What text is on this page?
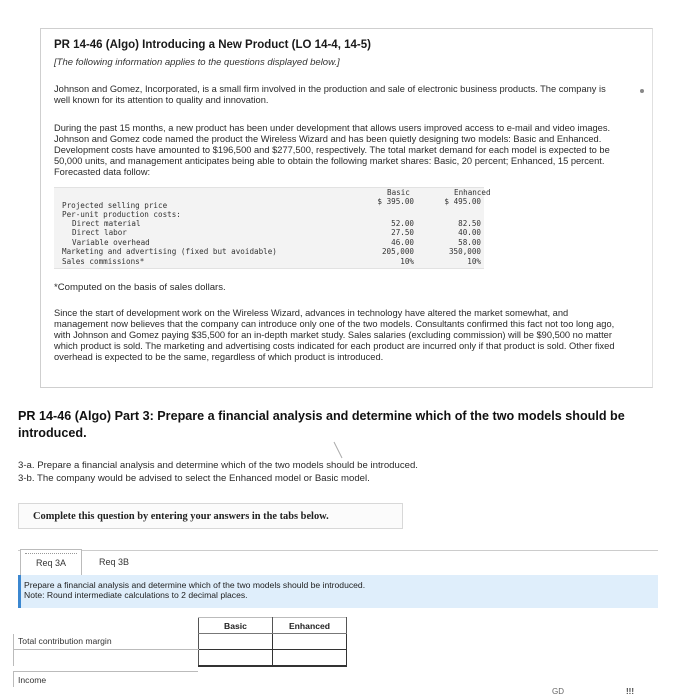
PR 14-46 (Algo) Introducing a New Product (LO 14-4, 14-5)
[The following information applies to the questions displayed below.]
Johnson and Gomez, Incorporated, is a small firm involved in the production and sale of electronic business products. The company is well known for its attention to quality and innovation.
During the past 15 months, a new product has been under development that allows users improved access to e-mail and video images. Johnson and Gomez code named the product the Wireless Wizard and has been quietly designing two models: Basic and Enhanced. Development costs have amounted to $196,500 and $277,500, respectively. The total market demand for each model is expected to be 50,000 units, and management anticipates being able to obtain the following market shares: Basic, 20 percent; Enhanced, 15 percent. Forecasted data follow:
Basic	Enhanced
Projected selling price	$ 395.00	$ 495.00
Per-unit production costs:
Direct material	52.00	82.50
Direct labor	27.50	40.00
Variable overhead	46.00	58.00
Marketing and advertising (fixed but avoidable)	205,000	350,000
Sales commissions*	10%	10%
*Computed on the basis of sales dollars.
Since the start of development work on the Wireless Wizard, advances in technology have altered the market somewhat, and management now believes that the company can introduce only one of the two models. Consultants confirmed this fact not too long ago, with Johnson and Gomez paying $35,500 for an in-depth market study. Sales salaries (excluding commission) will be $90,500 no matter which product is sold. The marketing and advertising costs indicated for each product are incurred only if that product is sold. Other fixed overhead is expected to be the same, regardless of which product is introduced.
PR 14-46 (Algo) Part 3: Prepare a financial analysis and determine which of the two models should be introduced.
3-a. Prepare a financial analysis and determine which of the two models should be introduced.
3-b. The company would be advised to select the Enhanced model or Basic model.
Complete this question by entering your answers in the tabs below.
Req 3A	Req 3B
Prepare a financial analysis and determine which of the two models should be introduced.
Note: Round intermediate calculations to 2 decimal places.
	Basic	Enhanced
Total contribution margin		

Income
GD	!!!
